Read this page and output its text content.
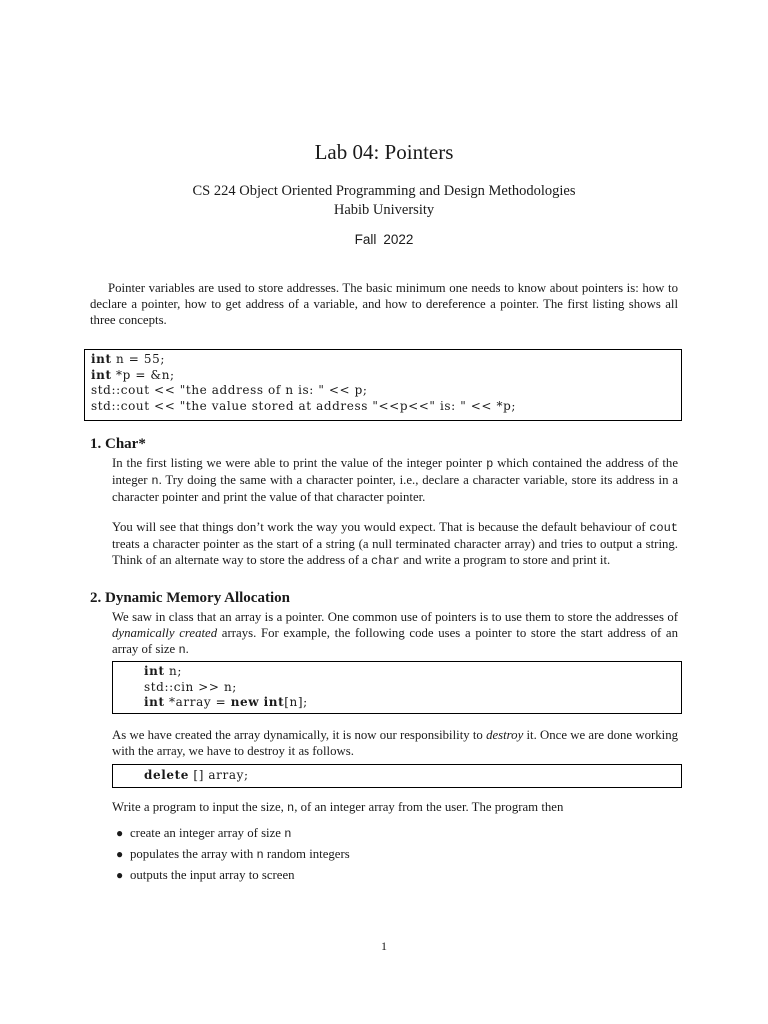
Lab 04: Pointers
CS 224 Object Oriented Programming and Design Methodologies
Habib University
Fall 2022
Pointer variables are used to store addresses. The basic minimum one needs to know about pointers is: how to declare a pointer, how to get address of a variable, and how to dereference a pointer. The first listing shows all three concepts.
int n = 55;
int *p = &n;
std::cout << "the address of n is: " << p;
std::cout << "the value stored at address "<<p<<" is: " << *p;
1. Char*
In the first listing we were able to print the value of the integer pointer p which contained the address of the integer n. Try doing the same with a character pointer, i.e., declare a character variable, store its address in a character pointer and print the value of that character pointer.
You will see that things don’t work the way you would expect. That is because the default behaviour of cout treats a character pointer as the start of a string (a null terminated character array) and tries to output a string. Think of an alternate way to store the address of a char and write a program to store and print it.
2. Dynamic Memory Allocation
We saw in class that an array is a pointer. One common use of pointers is to use them to store the addresses of dynamically created arrays. For example, the following code uses a pointer to store the start address of an array of size n.
int n;
std::cin >> n;
int *array = new int[n];
As we have created the array dynamically, it is now our responsibility to destroy it. Once we are done working with the array, we have to destroy it as follows.
delete [] array;
Write a program to input the size, n, of an integer array from the user. The program then
● create an integer array of size n
● populates the array with n random integers
● outputs the input array to screen
1
